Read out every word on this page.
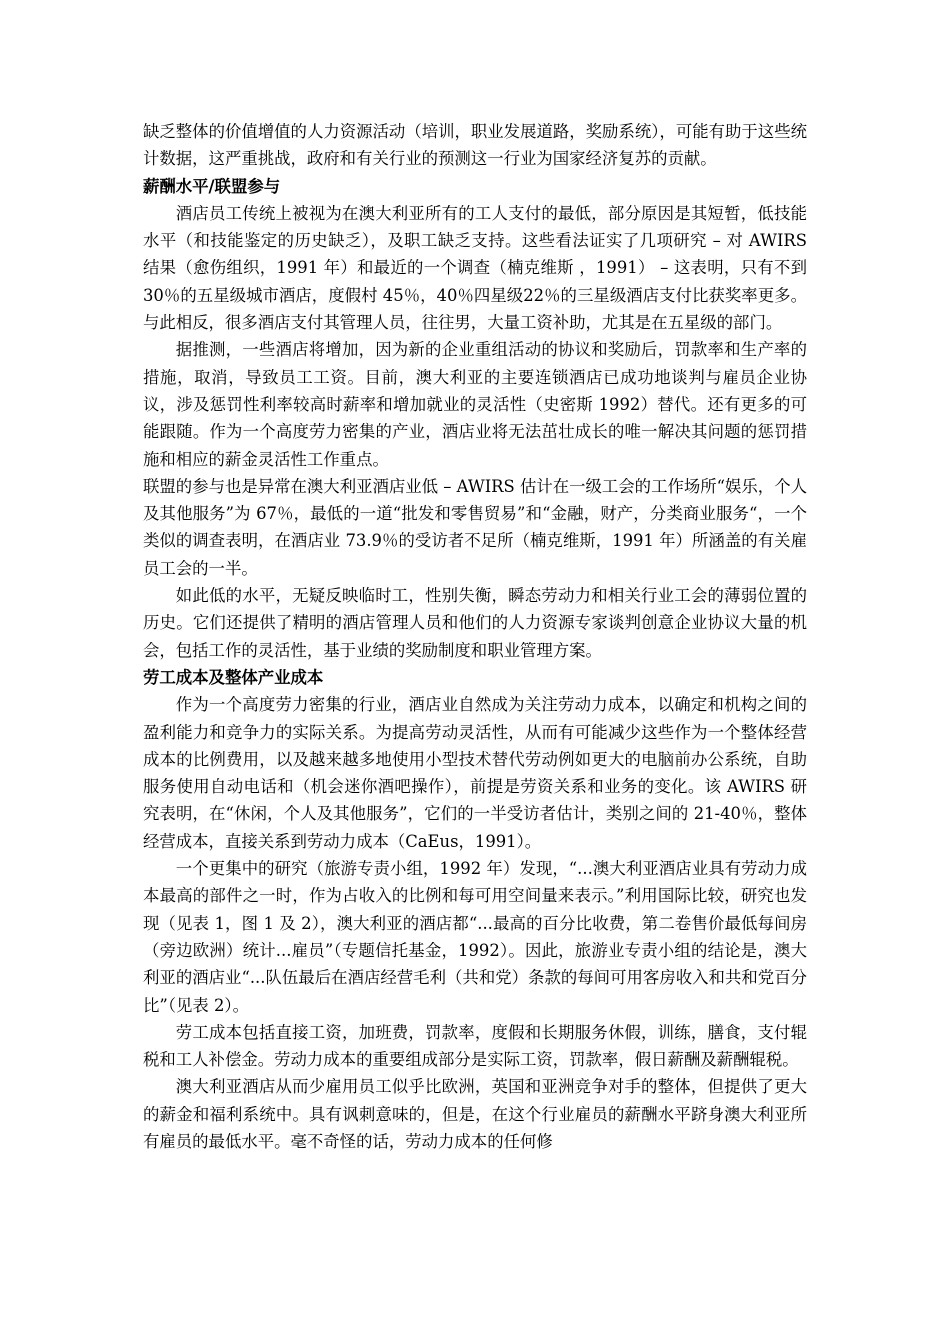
缺乏整体的价值增值的人力资源活动（培训，职业发展道路，奖励系统），可能有助于这些统计数据，这严重挑战，政府和有关行业的预测这一行业为国家经济复苏的贡献。

薪酬水平/联盟参与

酒店员工传统上被视为在澳大利亚所有的工人支付的最低，部分原因是其短暂，低技能水平（和技能鉴定的历史缺乏），及职工缺乏支持。这些看法证实了几项研究 – 对 AWIRS 结果（愈伤组织，1991 年）和最近的一个调查（楠克维斯 ，1991） – 这表明，只有不到 30％的五星级城市酒店，度假村 45％，40％四星级22％的三星级酒店支付比获奖率更多。与此相反，很多酒店支付其管理人员，往往男，大量工资补助，尤其是在五星级的部门。

据推测，一些酒店将增加，因为新的企业重组活动的协议和奖励后，罚款率和生产率的措施，取消，导致员工工资。目前，澳大利亚的主要连锁酒店已成功地谈判与雇员企业协议，涉及惩罚性利率较高时薪率和增加就业的灵活性（史密斯 1992）替代。还有更多的可能跟随。作为一个高度劳力密集的产业，酒店业将无法茁壮成长的唯一解决其问题的惩罚措施和相应的薪金灵活性工作重点。

联盟的参与也是异常在澳大利亚酒店业低 – AWIRS 估计在一级工会的工作场所“娱乐，个人及其他服务”为 67％，最低的一道“批发和零售贸易”和“金融，财产，分类商业服务“，一个类似的调查表明，在酒店业 73.9％的受访者不足所（楠克维斯，1991 年）所涵盖的有关雇员工会的一半。

如此低的水平，无疑反映临时工，性别失衡，瞬态劳动力和相关行业工会的薄弱位置的历史。它们还提供了精明的酒店管理人员和他们的人力资源专家谈判创意企业协议大量的机会，包括工作的灵活性，基于业绩的奖励制度和职业管理方案。

劳工成本及整体产业成本

作为一个高度劳力密集的行业，酒店业自然成为关注劳动力成本，以确定和机构之间的盈利能力和竞争力的实际关系。为提高劳动灵活性，从而有可能减少这些作为一个整体经营成本的比例费用，以及越来越多地使用小型技术替代劳动例如更大的电脑前办公系统，自助服务使用自动电话和（机会迷你酒吧操作），前提是劳资关系和业务的变化。该 AWIRS 研究表明，在“休闲，个人及其他服务”，它们的一半受访者估计，类别之间的 21-40％，整体经营成本，直接关系到劳动力成本（CaEus，1991）。

一个更集中的研究（旅游专责小组，1992 年）发现，“...澳大利亚酒店业具有劳动力成本最高的部件之一时，作为占收入的比例和每可用空间量来表示。”利用国际比较，研究也发现（见表 1，图 1 及 2），澳大利亚的酒店都“...最高的百分比收费，第二卷售价最低每间房（旁边欧洲）统计...雇员”（专题信托基金，1992）。因此，旅游业专责小组的结论是，澳大利亚的酒店业“...队伍最后在酒店经营毛利（共和党）条款的每间可用客房收入和共和党百分比”（见表 2）。

劳工成本包括直接工资，加班费，罚款率，度假和长期服务休假，训练，膳食，支付辊税和工人补偿金。劳动力成本的重要组成部分是实际工资，罚款率，假日薪酬及薪酬辊税。

澳大利亚酒店从而少雇用员工似乎比欧洲，英国和亚洲竞争对手的整体，但提供了更大的薪金和福利系统中。具有讽刺意味的，但是，在这个行业雇员的薪酬水平跻身澳大利亚所有雇员的最低水平。毫不奇怪的话，劳动力成本的任何修
